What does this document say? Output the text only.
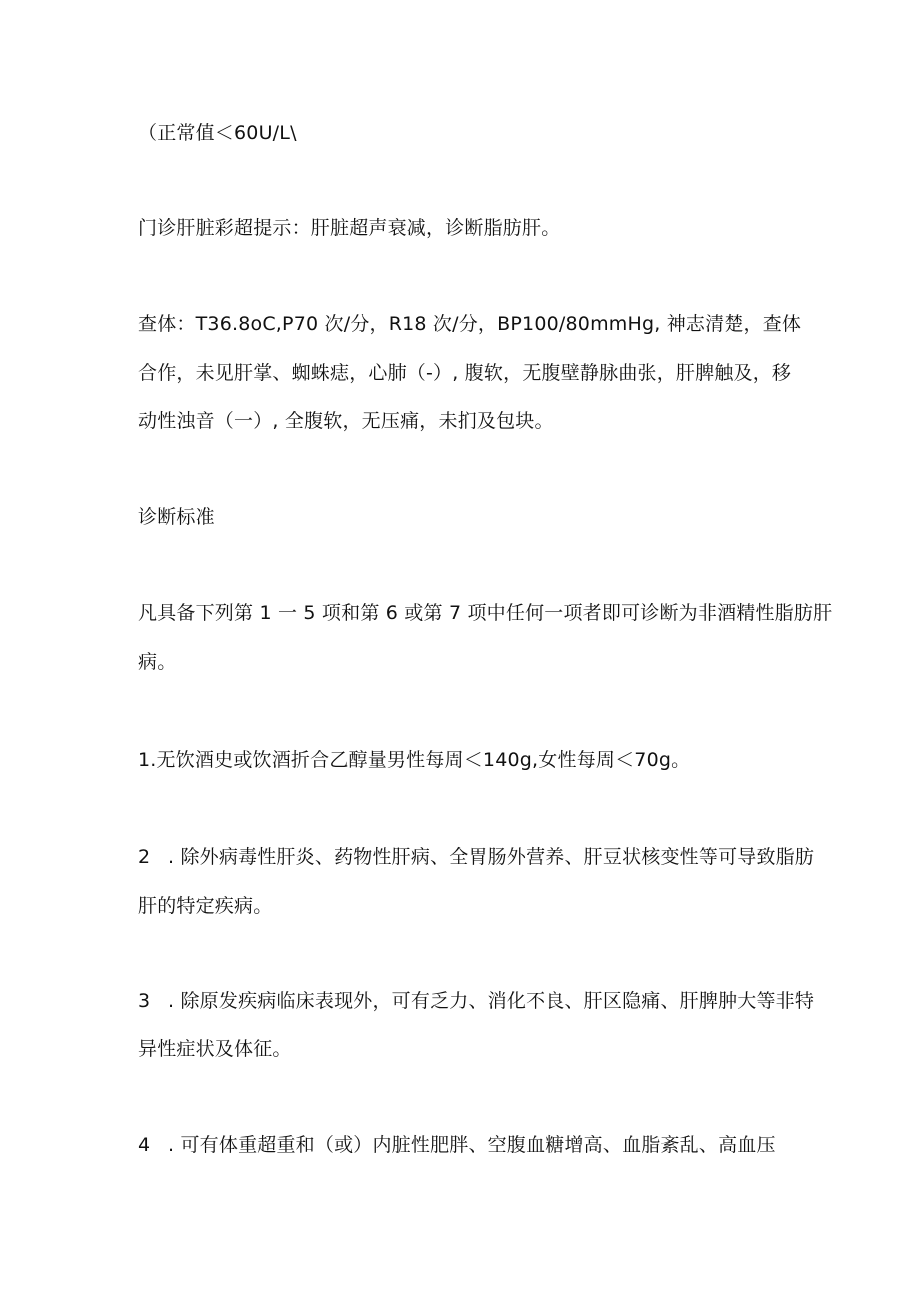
（正常值＜60U/L\
门诊肝脏彩超提示：肝脏超声衰减，诊断脂肪肝。
查体：T36.8oC,P70 次/分，R18 次/分，BP100/80mmHg, 神志清楚，查体
合作，未见肝掌、蜘蛛痣，心肺（-）, 腹软，无腹壁静脉曲张，肝脾触及，移
动性浊音（一）, 全腹软，无压痛，未扪及包块。
诊断标准
凡具备下列第 1 一 5 项和第 6 或第 7 项中任何一项者即可诊断为非酒精性脂肪肝
病。
1.无饮酒史或饮酒折合乙醇量男性每周＜140g,女性每周＜70g。
2 . 除外病毒性肝炎、药物性肝病、全胃肠外营养、肝豆状核变性等可导致脂肪
肝的特定疾病。
3 . 除原发疾病临床表现外，可有乏力、消化不良、肝区隐痛、肝脾肿大等非特
异性症状及体征。
4 . 可有体重超重和（或）内脏性肥胖、空腹血糖增高、血脂紊乱、高血压
